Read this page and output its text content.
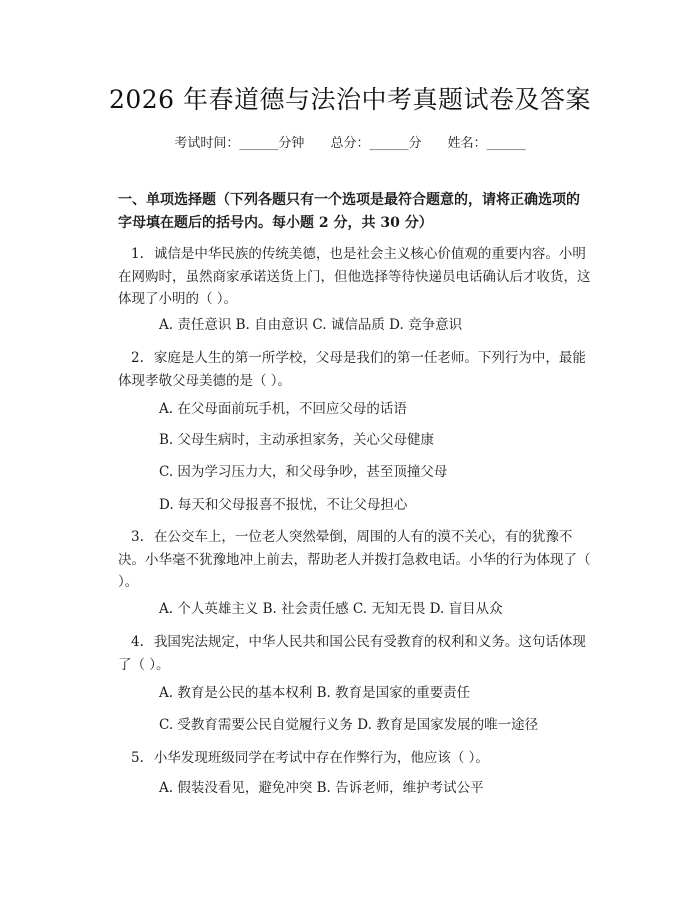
2026 年春道德与法治中考真题试卷及答案
考试时间：______分钟 总分：______分 姓名：______
一、单项选择题（下列各题只有一个选项是最符合题意的，请将正确选项的字母填在题后的括号内。每小题 2 分，共 30 分）
1. 诚信是中华民族的传统美德，也是社会主义核心价值观的重要内容。小明在网购时，虽然商家承诺送货上门，但他选择等待快递员电话确认后才收货，这体现了小明的（ ）。
A. 责任意识 B. 自由意识 C. 诚信品质 D. 竞争意识
2. 家庭是人生的第一所学校，父母是我们的第一任老师。下列行为中，最能体现孝敬父母美德的是（ ）。
A. 在父母面前玩手机，不回应父母的话语
B. 父母生病时，主动承担家务，关心父母健康
C. 因为学习压力大，和父母争吵，甚至顶撞父母
D. 每天和父母报喜不报忧，不让父母担心
3. 在公交车上，一位老人突然晕倒，周围的人有的漠不关心，有的犹豫不决。小华毫不犹豫地冲上前去，帮助老人并拨打急救电话。小华的行为体现了（ ）。
A. 个人英雄主义 B. 社会责任感 C. 无知无畏 D. 盲目从众
4. 我国宪法规定，中华人民共和国公民有受教育的权利和义务。这句话体现了（ ）。
A. 教育是公民的基本权利 B. 教育是国家的重要责任
C. 受教育需要公民自觉履行义务 D. 教育是国家发展的唯一途径
5. 小华发现班级同学在考试中存在作弊行为，他应该（ ）。
A. 假装没看见，避免冲突 B. 告诉老师，维护考试公平
